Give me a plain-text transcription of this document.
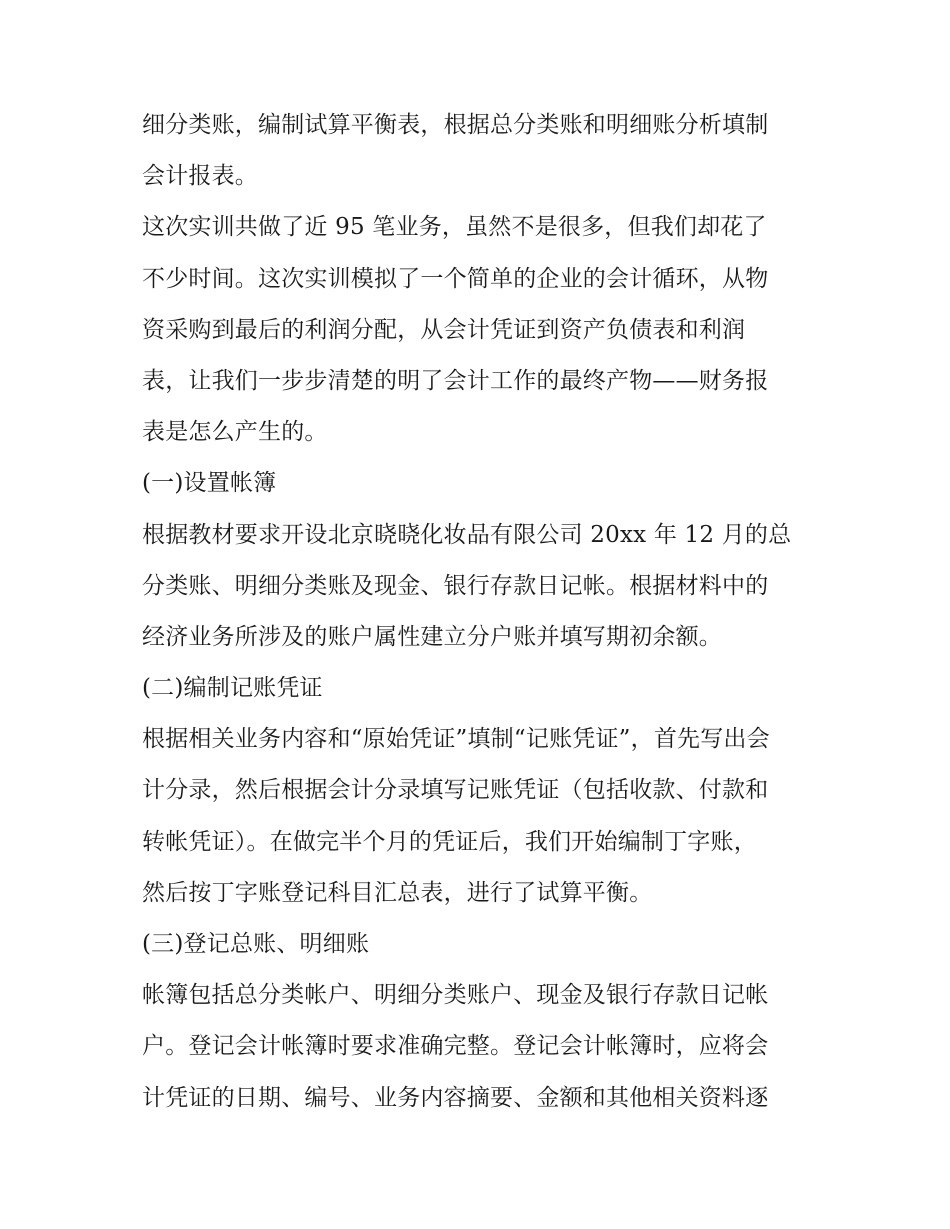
细分类账，编制试算平衡表，根据总分类账和明细账分析填制
会计报表。
这次实训共做了近 95 笔业务，虽然不是很多，但我们却花了
不少时间。这次实训模拟了一个简单的企业的会计循环，从物
资采购到最后的利润分配，从会计凭证到资产负债表和利润
表，让我们一步步清楚的明了会计工作的最终产物——财务报
表是怎么产生的。
(一)设置帐簿
根据教材要求开设北京晓晓化妆品有限公司 20xx 年 12 月的总
分类账、明细分类账及现金、银行存款日记帐。根据材料中的
经济业务所涉及的账户属性建立分户账并填写期初余额。
(二)编制记账凭证
根据相关业务内容和“原始凭证”填制“记账凭证”，首先写出会
计分录，然后根据会计分录填写记账凭证（包括收款、付款和
转帐凭证）。在做完半个月的凭证后，我们开始编制丁字账，
然后按丁字账登记科目汇总表，进行了试算平衡。
(三)登记总账、明细账
帐簿包括总分类帐户、明细分类账户、现金及银行存款日记帐
户。登记会计帐簿时要求准确完整。登记会计帐簿时，应将会
计凭证的日期、编号、业务内容摘要、金额和其他相关资料逐
